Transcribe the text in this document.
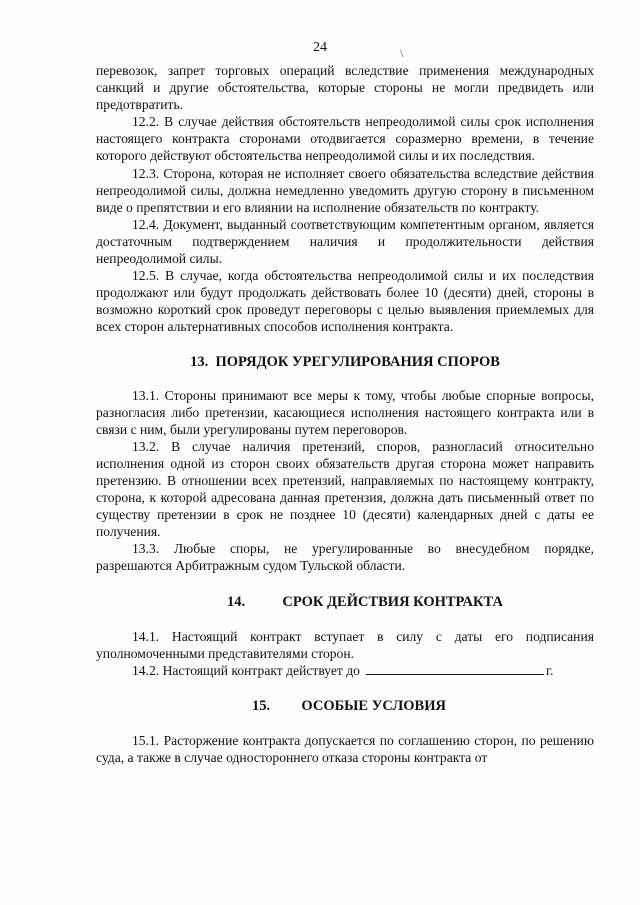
24	\

перевозок, запрет торговых операций вследствие применения международных санкций и другие обстоятельства, которые стороны не могли предвидеть или предотвратить.

12.2. В случае действия обстоятельств непреодолимой силы срок исполнения настоящего контракта сторонами отодвигается соразмерно времени, в течение которого действуют обстоятельства непреодолимой силы и их последствия.

12.3. Сторона, которая не исполняет своего обязательства вследствие действия непреодолимой силы, должна немедленно уведомить другую сторону в письменном виде о препятствии и его влиянии на исполнение обязательств по контракту.

12.4. Документ, выданный соответствующим компетентным органом, является достаточным подтверждением наличия и продолжительности действия непреодолимой силы.

12.5. В случае, когда обстоятельства непреодолимой силы и их последствия продолжают или будут продолжать действовать более 10 (десяти) дней, стороны в возможно короткий срок проведут переговоры с целью выявления приемлемых для всех сторон альтернативных способов исполнения контракта.

13. ПОРЯДОК УРЕГУЛИРОВАНИЯ СПОРОВ

13.1. Стороны принимают все меры к тому, чтобы любые спорные вопросы, разногласия либо претензии, касающиеся исполнения настоящего контракта или в связи с ним, были урегулированы путем переговоров.

13.2. В случае наличия претензий, споров, разногласий относительно исполнения одной из сторон своих обязательств другая сторона может направить претензию. В отношении всех претензий, направляемых по настоящему контракту, сторона, к которой адресована данная претензия, должна дать письменный ответ по существу претензии в срок не позднее 10 (десяти) календарных дней с даты ее получения.

13.3. Любые споры, не урегулированные во внесудебном порядке, разрешаются Арбитражным судом Тульской области.

14.	СРОК ДЕЙСТВИЯ КОНТРАКТА

14.1. Настоящий контракт вступает в силу с даты его подписания уполномоченными представителями сторон.

14.2. Настоящий контракт действует до	г.

15. ОСОБЫЕ УСЛОВИЯ

15.1. Расторжение контракта допускается по соглашению сторон, по решению суда, а также в случае одностороннего отказа стороны контракта от
